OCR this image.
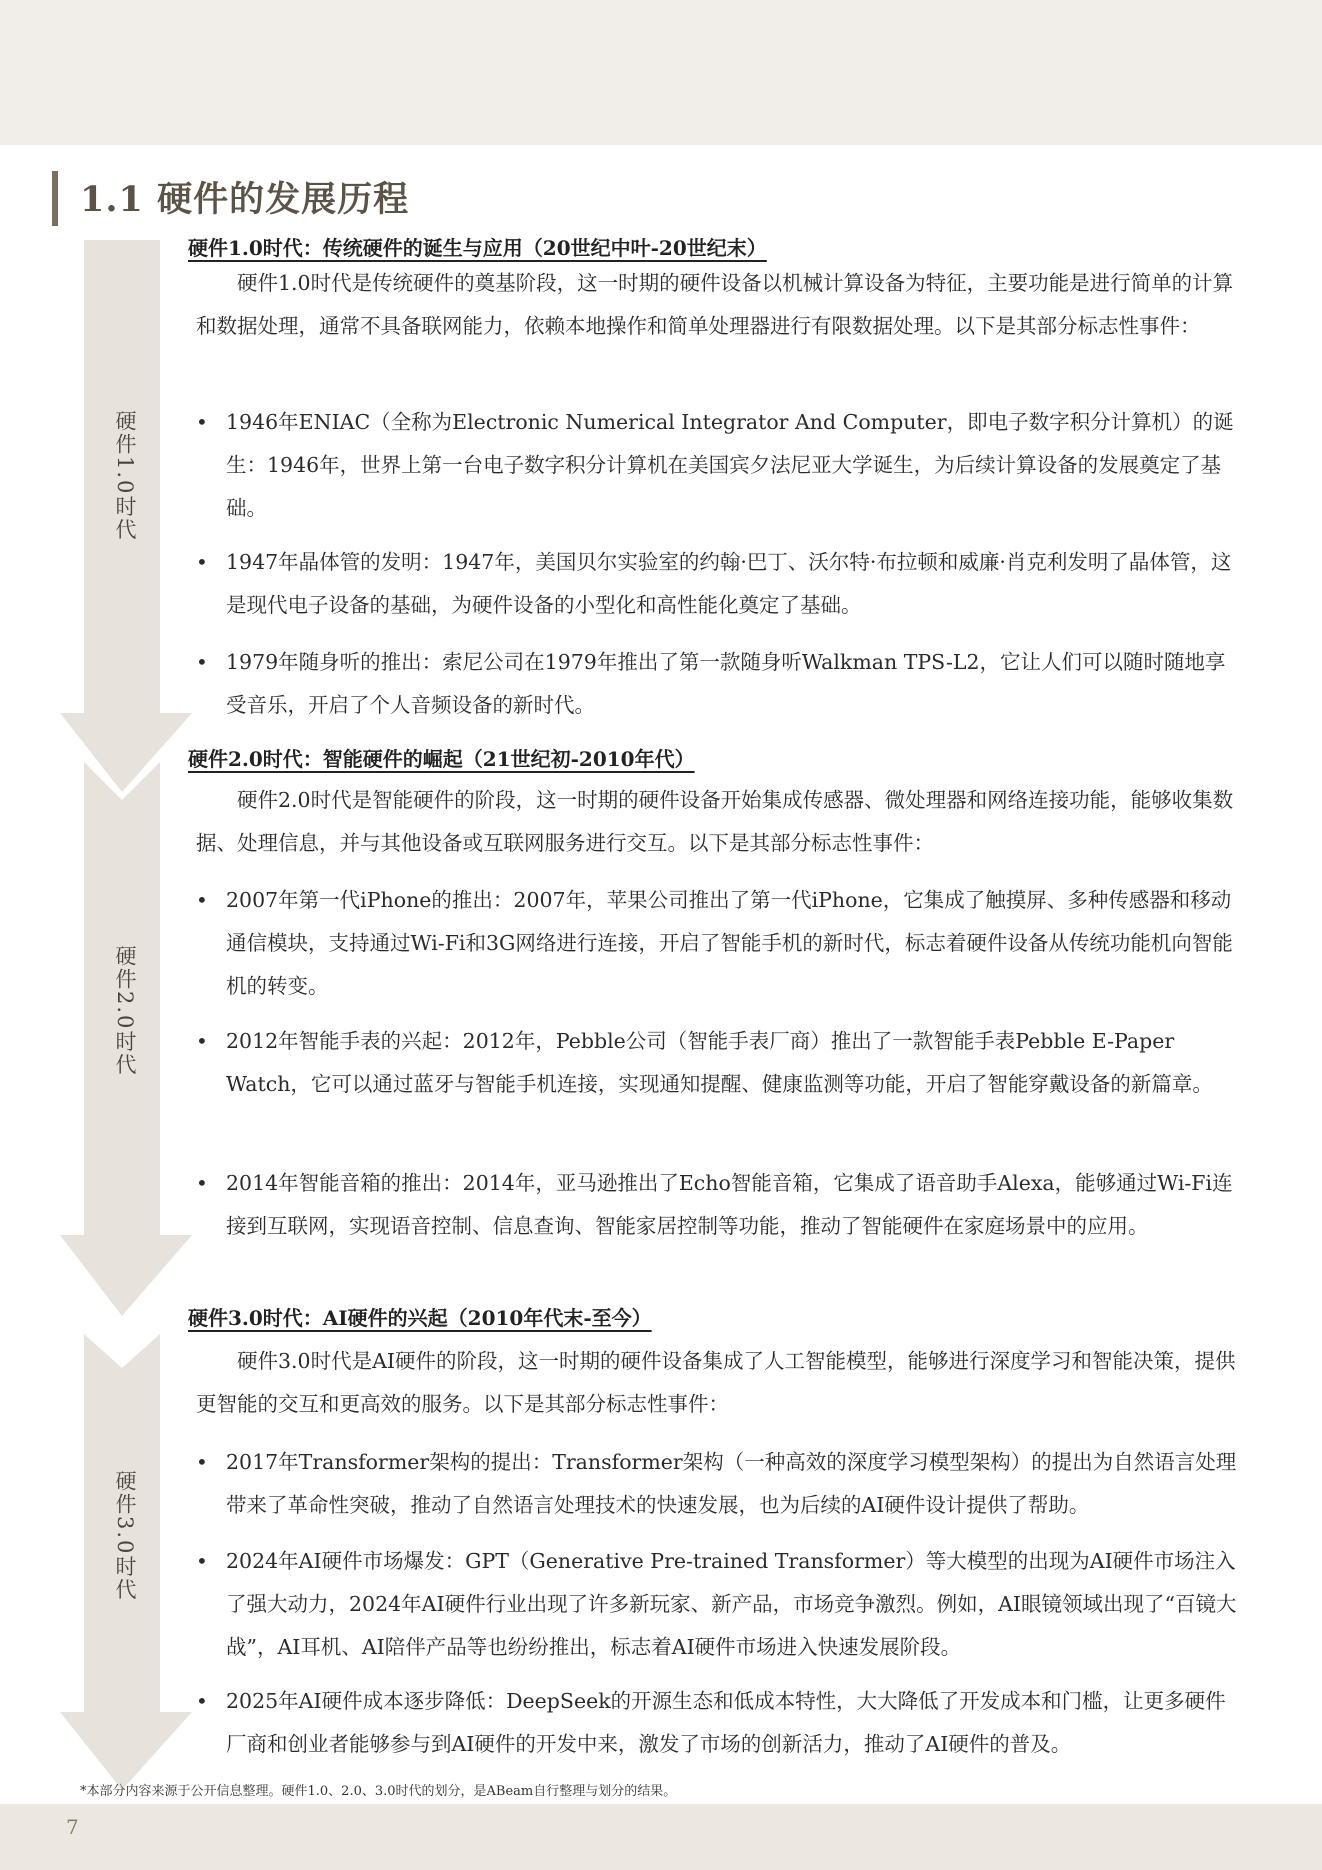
1.1 硬件的发展历程
硬件1.0时代
硬件2.0时代
硬件3.0时代
硬件1.0时代：传统硬件的诞生与应用（20世纪中叶-20世纪末）

硬件1.0时代是传统硬件的奠基阶段，这一时期的硬件设备以机械计算设备为特征，主要功能是进行简单的计算和数据处理，通常不具备联网能力，依赖本地操作和简单处理器进行有限数据处理。以下是其部分标志性事件：

• 1946年ENIAC（全称为Electronic Numerical Integrator And Computer，即电子数字积分计算机）的诞生：1946年，世界上第一台电子数字积分计算机在美国宾夕法尼亚大学诞生，为后续计算设备的发展奠定了基础。
• 1947年晶体管的发明：1947年，美国贝尔实验室的约翰·巴丁、沃尔特·布拉顿和威廉·肖克利发明了晶体管，这是现代电子设备的基础，为硬件设备的小型化和高性能化奠定了基础。
• 1979年随身听的推出：索尼公司在1979年推出了第一款随身听Walkman TPS-L2，它让人们可以随时随地享受音乐，开启了个人音频设备的新时代。
硬件2.0时代：智能硬件的崛起（21世纪初-2010年代）

硬件2.0时代是智能硬件的阶段，这一时期的硬件设备开始集成传感器、微处理器和网络连接功能，能够收集数据、处理信息，并与其他设备或互联网服务进行交互。以下是其部分标志性事件：

• 2007年第一代iPhone的推出：2007年，苹果公司推出了第一代iPhone，它集成了触摸屏、多种传感器和移动通信模块，支持通过Wi-Fi和3G网络进行连接，开启了智能手机的新时代，标志着硬件设备从传统功能机向智能机的转变。
• 2012年智能手表的兴起：2012年，Pebble公司（智能手表厂商）推出了一款智能手表Pebble E-Paper Watch，它可以通过蓝牙与智能手机连接，实现通知提醒、健康监测等功能，开启了智能穿戴设备的新篇章。
• 2014年智能音箱的推出：2014年，亚马逊推出了Echo智能音箱，它集成了语音助手Alexa，能够通过Wi-Fi连接到互联网，实现语音控制、信息查询、智能家居控制等功能，推动了智能硬件在家庭场景中的应用。
硬件3.0时代：AI硬件的兴起（2010年代末-至今）

硬件3.0时代是AI硬件的阶段，这一时期的硬件设备集成了人工智能模型，能够进行深度学习和智能决策，提供更智能的交互和更高效的服务。以下是其部分标志性事件：

• 2017年Transformer架构的提出：Transformer架构（一种高效的深度学习模型架构）的提出为自然语言处理带来了革命性突破，推动了自然语言处理技术的快速发展，也为后续的AI硬件设计提供了帮助。
• 2024年AI硬件市场爆发：GPT（Generative Pre-trained Transformer）等大模型的出现为AI硬件市场注入了强大动力，2024年AI硬件行业出现了许多新玩家、新产品，市场竞争激烈。例如，AI眼镜领域出现了“百镜大战”，AI耳机、AI陪伴产品等也纷纷推出，标志着AI硬件市场进入快速发展阶段。
• 2025年AI硬件成本逐步降低：DeepSeek的开源生态和低成本特性，大大降低了开发成本和门槛，让更多硬件厂商和创业者能够参与到AI硬件的开发中来，激发了市场的创新活力，推动了AI硬件的普及。
*本部分内容来源于公开信息整理。硬件1.0、2.0、3.0时代的划分，是ABeam自行整理与划分的结果。
7
